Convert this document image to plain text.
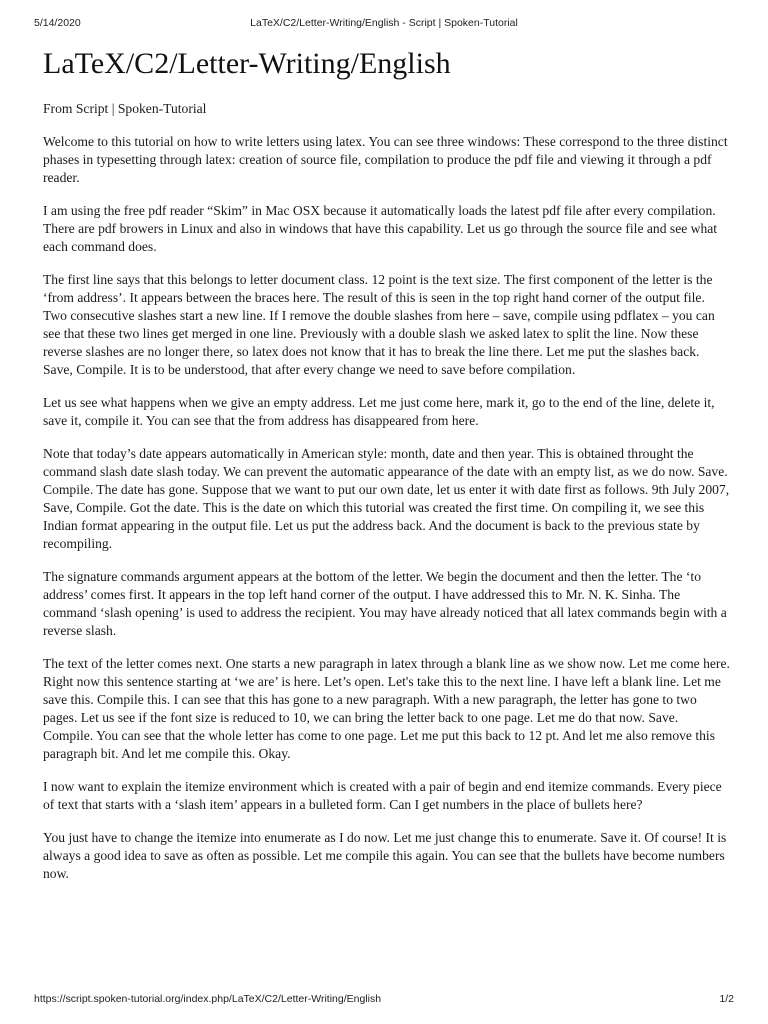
5/14/2020	LaTeX/C2/Letter-Writing/English - Script | Spoken-Tutorial
LaTeX/C2/Letter-Writing/English
From Script | Spoken-Tutorial

Welcome to this tutorial on how to write letters using latex. You can see three windows: These correspond to the three distinct phases in typesetting through latex: creation of source file, compilation to produce the pdf file and viewing it through a pdf reader.

I am using the free pdf reader “Skim” in Mac OSX because it automatically loads the latest pdf file after every compilation. There are pdf browers in Linux and also in windows that have this capability. Let us go through the source file and see what each command does.

The first line says that this belongs to letter document class. 12 point is the text size. The first component of the letter is the ‘from address’. It appears between the braces here. The result of this is seen in the top right hand corner of the output file. Two consecutive slashes start a new line. If I remove the double slashes from here – save, compile using pdflatex – you can see that these two lines get merged in one line. Previously with a double slash we asked latex to split the line. Now these reverse slashes are no longer there, so latex does not know that it has to break the line there. Let me put the slashes back. Save, Compile. It is to be understood, that after every change we need to save before compilation.

Let us see what happens when we give an empty address. Let me just come here, mark it, go to the end of the line, delete it, save it, compile it. You can see that the from address has disappeared from here.

Note that today’s date appears automatically in American style: month, date and then year. This is obtained throught the command slash date slash today. We can prevent the automatic appearance of the date with an empty list, as we do now. Save. Compile. The date has gone. Suppose that we want to put our own date, let us enter it with date first as follows. 9th July 2007, Save, Compile. Got the date. This is the date on which this tutorial was created the first time. On compiling it, we see this Indian format appearing in the output file. Let us put the address back. And the document is back to the previous state by recompiling.

The signature commands argument appears at the bottom of the letter. We begin the document and then the letter. The ‘to address’ comes first. It appears in the top left hand corner of the output. I have addressed this to Mr. N. K. Sinha. The command ‘slash opening’ is used to address the recipient. You may have already noticed that all latex commands begin with a reverse slash.

The text of the letter comes next. One starts a new paragraph in latex through a blank line as we show now. Let me come here. Right now this sentence starting at ‘we are’ is here. Let’s open. Let's take this to the next line. I have left a blank line. Let me save this. Compile this. I can see that this has gone to a new paragraph. With a new paragraph, the letter has gone to two pages. Let us see if the font size is reduced to 10, we can bring the letter back to one page. Let me do that now. Save. Compile. You can see that the whole letter has come to one page. Let me put this back to 12 pt. And let me also remove this paragraph bit. And let me compile this. Okay.

I now want to explain the itemize environment which is created with a pair of begin and end itemize commands. Every piece of text that starts with a ‘slash item’ appears in a bulleted form. Can I get numbers in the place of bullets here?

You just have to change the itemize into enumerate as I do now. Let me just change this to enumerate. Save it. Of course! It is always a good idea to save as often as possible. Let me compile this again. You can see that the bullets have become numbers now.

https://script.spoken-tutorial.org/index.php/LaTeX/C2/Letter-Writing/English	1/2
